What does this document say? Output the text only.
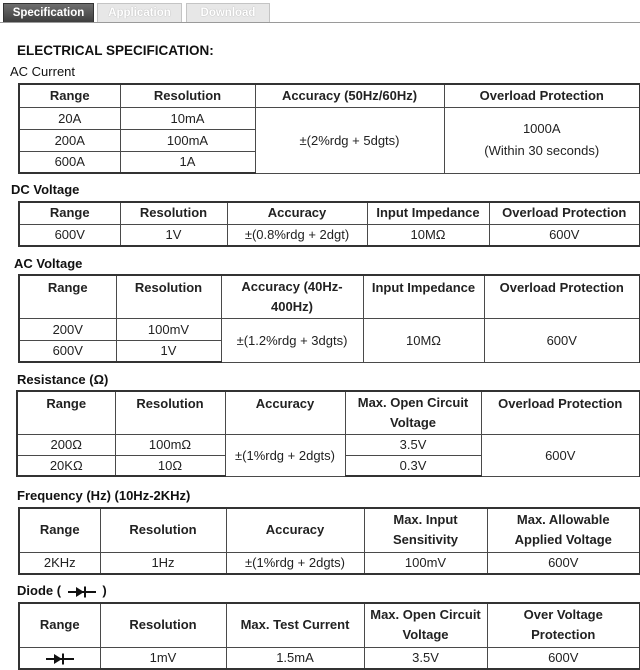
Specification	Application	Download
ELECTRICAL SPECIFICATION:
AC Current
Range	Resolution	Accuracy (50Hz/60Hz)	Overload Protection
20A	10mA	±(2%rdg + 5dgts)	1000A
(Within 30 seconds)
200A	100mA		
600A	1A		
DC Voltage
Range	Resolution	Accuracy	Input Impedance	Overload Protection
600V	1V	±(0.8%rdg + 2dgt)	10MΩ	600V
AC Voltage
Range	Resolution	Accuracy (40Hz-400Hz)	Input Impedance	Overload Protection
200V	100mV	±(1.2%rdg + 3dgts)	10MΩ	600V
600V	1V			
Resistance (Ω)
Range	Resolution	Accuracy	Max. Open Circuit Voltage	Overload Protection
200Ω	100mΩ	±(1%rdg + 2dgts)	3.5V	600V
20KΩ	10Ω		0.3V	
Frequency (Hz) (10Hz-2KHz)
Range	Resolution	Accuracy	Max. Input Sensitivity	Max. Allowable Applied Voltage
2KHz	1Hz	±(1%rdg + 2dgts)	100mV	600V
Diode (	)
Range	Resolution	Max. Test Current	Max. Open Circuit Voltage	Over Voltage Protection
	1mV	1.5mA	3.5V	600V
